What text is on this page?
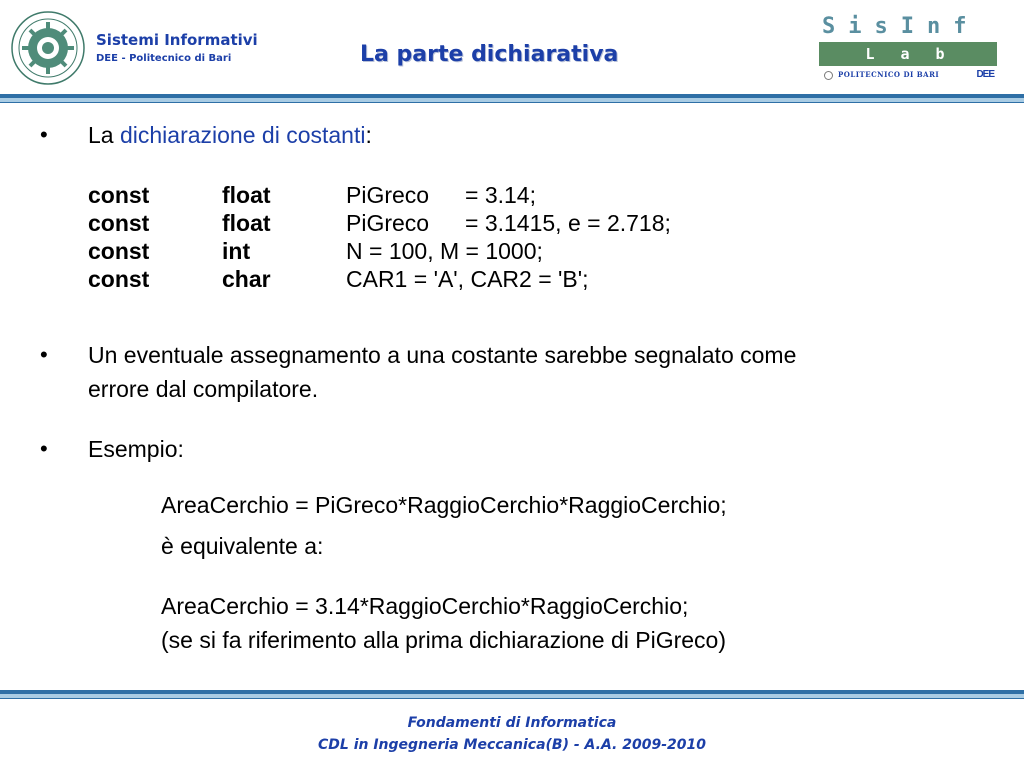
Sistemi Informativi
DEE - Politecnico di Bari	La parte dichiarativa
SisInf
Lab
POLITECNICO DI BARI	DEE
• La dichiarazione di costanti:
const	float	PiGreco = 3.14;
const	float	PiGreco = 3.1415, e = 2.718;
const	int	N = 100, M = 1000;
const	char	CAR1 = 'A', CAR2 = 'B';
• Un eventuale assegnamento a una costante sarebbe segnalato come
errore dal compilatore.
• Esempio:
AreaCerchio = PiGreco*RaggioCerchio*RaggioCerchio;
è equivalente a:
AreaCerchio = 3.14*RaggioCerchio*RaggioCerchio;
(se si fa riferimento alla prima dichiarazione di PiGreco)
Fondamenti di Informatica
CDL in Ingegneria Meccanica(B) - A.A. 2009-2010
